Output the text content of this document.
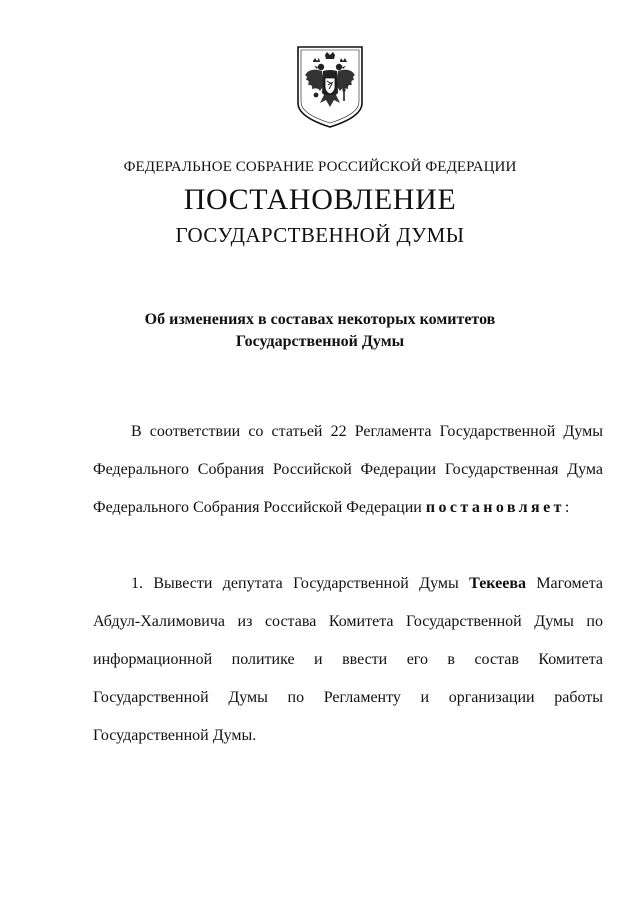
ФЕДЕРАЛЬНОЕ СОБРАНИЕ РОССИЙСКОЙ ФЕДЕРАЦИИ
ПОСТАНОВЛЕНИЕ
ГОСУДАРСТВЕННОЙ ДУМЫ
Об изменениях в составах некоторых комитетов
Государственной Думы
В соответствии со статьей 22 Регламента Государственной Думы
Федерального Собрания Российской Федерации Государственная Дума
Федерального Собрания Российской Федерации постановляет:
1. Вывести депутата Государственной Думы Текеева Магомета
Абдул-Халимовича из состава Комитета Государственной Думы по
информационной политике и ввести его в состав Комитета
Государственной Думы по Регламенту и организации работы
Государственной Думы.
